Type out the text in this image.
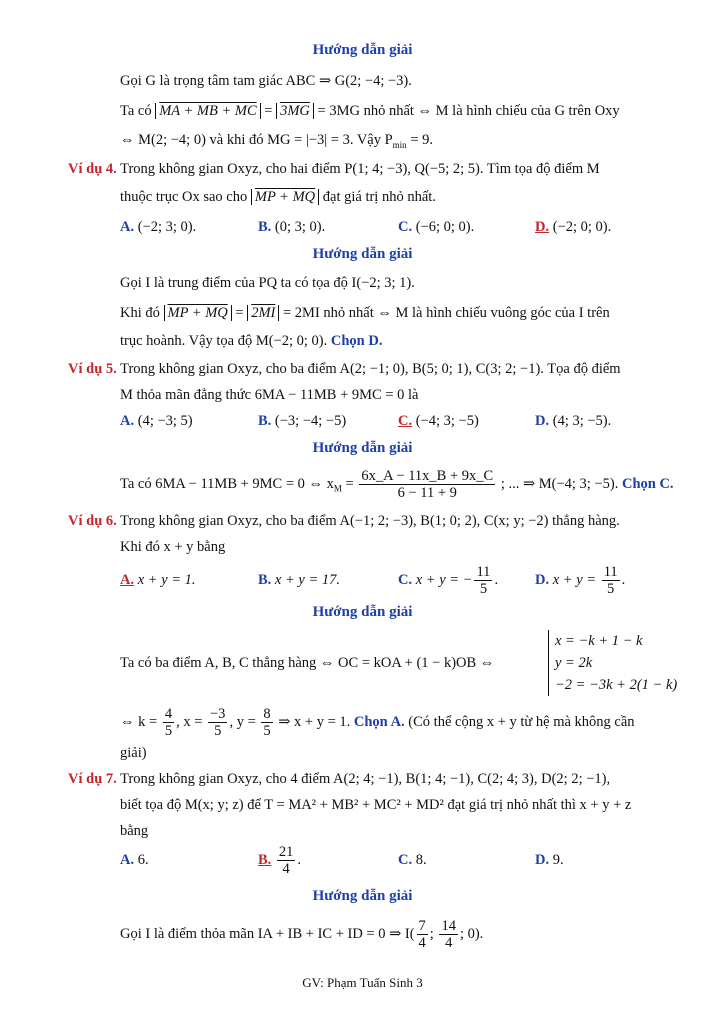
Hướng dẫn giải
Gọi G là trọng tâm tam giác ABC ⇒ G(2; −4; −3).
Ta có MA + MB + MC = 3MG = 3MG nhỏ nhất ⇔ M là hình chiếu của G trên Oxy
⇔ M(2; −4; 0) và khi đó MG = |−3| = 3. Vậy $P_{min} = 9$.
Ví dụ 4. Trong không gian Oxyz, cho hai điểm P(1; 4; −3), Q(−5; 2; 5). Tìm tọa độ điểm M
thuộc trục Ox sao cho MP + MQ đạt giá trị nhỏ nhất.
A. (−2; 3; 0).	B. (0; 3; 0).	C. (−6; 0; 0).	D. (−2; 0; 0).
Hướng dẫn giải
Gọi I là trung điểm của PQ ta có tọa độ I(−2; 3; 1).
Khi đó MP + MQ = 2MI = 2MI nhỏ nhất ⇔ M là hình chiếu vuông góc của I trên
trục hoành. Vậy tọa độ M(−2; 0; 0). Chọn D.
Ví dụ 5. Trong không gian Oxyz, cho ba điểm A(2; −1; 0), B(5; 0; 1), C(3; 2; −1). Tọa độ điểm
M thỏa mãn đẳng thức 6MA − 11MB + 9MC = 0 là
A. (4; −3; 5)	B. (−3; −4; −5)	C. (−4; 3; −5)	D. (4; 3; −5).
Hướng dẫn giải
Ta có 6MA − 11MB + 9MC = 0 ⇔ $x_M = \frac{6x\_A - 11x\_B + 9x\_C}{6 - 11 + 9}$ ; ... ⇒ M(−4; 3; −5). Chọn C.
Ví dụ 6. Trong không gian Oxyz, cho ba điểm A(−1; 2; −3), B(1; 0; 2), C(x; y; −2) thẳng hàng.
Khi đó x + y bằng
A. x + y = 1.	B. x + y = 17.	C. x + y = − $\frac{11}{5}$ .	D. $x + y = \frac{11}{5}$ .
Hướng dẫn giải
Ta có ba điểm A, B, C thẳng hàng ⇔ OC = kOA + (1 − k)OB ⇔
x = −k + 1 − k
y = 2k
−2 = −3k + 2(1 − k)
⇔ $k = \frac{4}{5}$ , $x = \frac{-3}{5}$ , $y = \frac{8}{5}$ ⇒ x + y = 1. Chọn A. (Có thể cộng x + y từ hệ mà không cần
giải)
Ví dụ 7. Trong không gian Oxyz, cho 4 điểm A(2; 4; −1), B(1; 4; −1), C(2; 4; 3), D(2; 2; −1),
biết tọa độ M(x; y; z) để T = MA² + MB² + MC² + MD² đạt giá trị nhỏ nhất thì x + y + z
bằng
A. 6.	B. $\frac{21}{4}$ .	C. 8.	D. 9.
Hướng dẫn giải
Gọi I là điểm thỏa mãn IA + IB + IC + ID = 0 ⇒ $I( \frac{7}{4}$ ; $\frac{14}{4}$ ; 0).
GV: Phạm Tuấn Sinh 3
